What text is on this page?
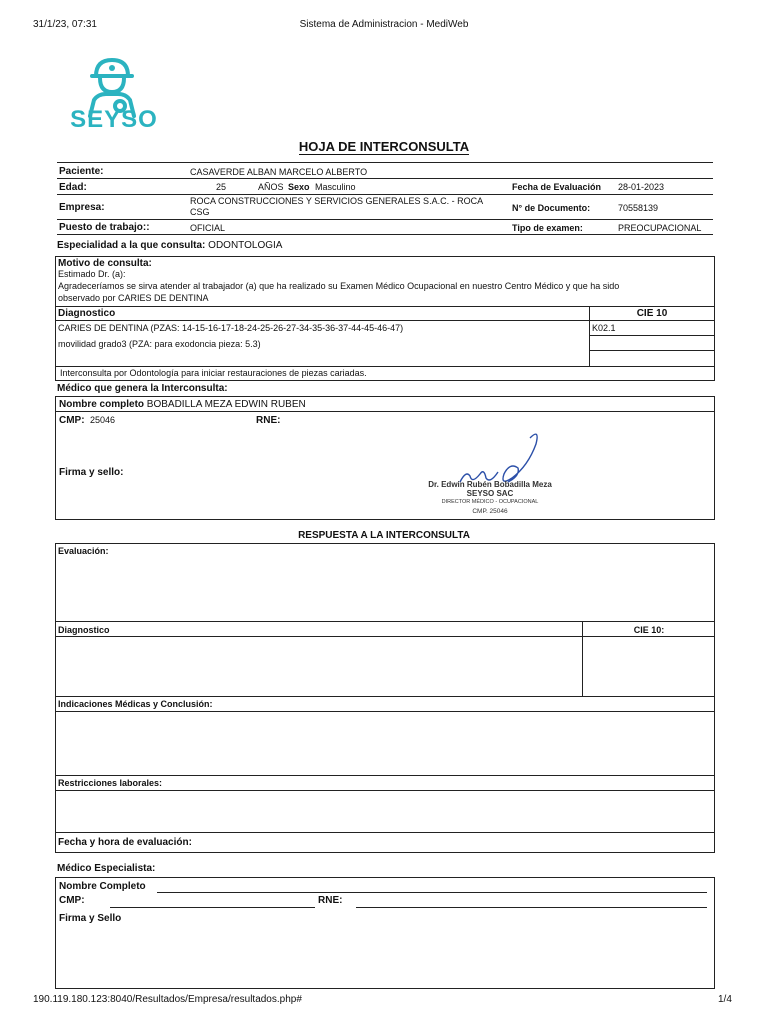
31/1/23, 07:31	Sistema de Administracion - MediWeb
SEYSO
HOJA DE INTERCONSULTA
Paciente:	CASAVERDE ALBAN MARCELO ALBERTO
Edad:	25	AÑOS Sexo Masculino	Fecha de Evaluación 28-01-2023
Empresa:
ROCA CONSTRUCCIONES Y SERVICIOS GENERALES S.A.C. - ROCA
CSG	N° de Documento:	70558139
Puesto de trabajo::	OFICIAL	Tipo de examen:	PREOCUPACIONAL
Especialidad a la que consulta: ODONTOLOGIA
Motivo de consulta:
Estimado Dr. (a):
Agradeceríamos se sirva atender al trabajador (a) que ha realizado su Examen Médico Ocupacional en nuestro Centro Médico y que ha sido
observado por CARIES DE DENTINA
Diagnostico	CIE 10
CARIES DE DENTINA (PZAS: 14-15-16-17-18-24-25-26-27-34-35-36-37-44-45-46-47)	K02.1
movilidad grado3 (PZA: para exodoncia pieza: 5.3)
Interconsulta por Odontología para iniciar restauraciones de piezas cariadas.
Médico que genera la Interconsulta:
Nombre completo BOBADILLA MEZA EDWIN RUBEN
CMP: 25046	RNE:
Firma y sello:
Dr. Edwin Rubén Bobadilla Meza
SEYSO SAC
DIRECTOR MÉDICO - OCUPACIONAL
CMP. 25046
RESPUESTA A LA INTERCONSULTA
Evaluación:
Diagnostico	CIE 10:
Indicaciones Médicas y Conclusión:
Restricciones laborales:
Fecha y hora de evaluación:
Médico Especialista:
Nombre Completo
CMP:	RNE:
Firma y Sello
190.119.180.123:8040/Resultados/Empresa/resultados.php#	1/4
